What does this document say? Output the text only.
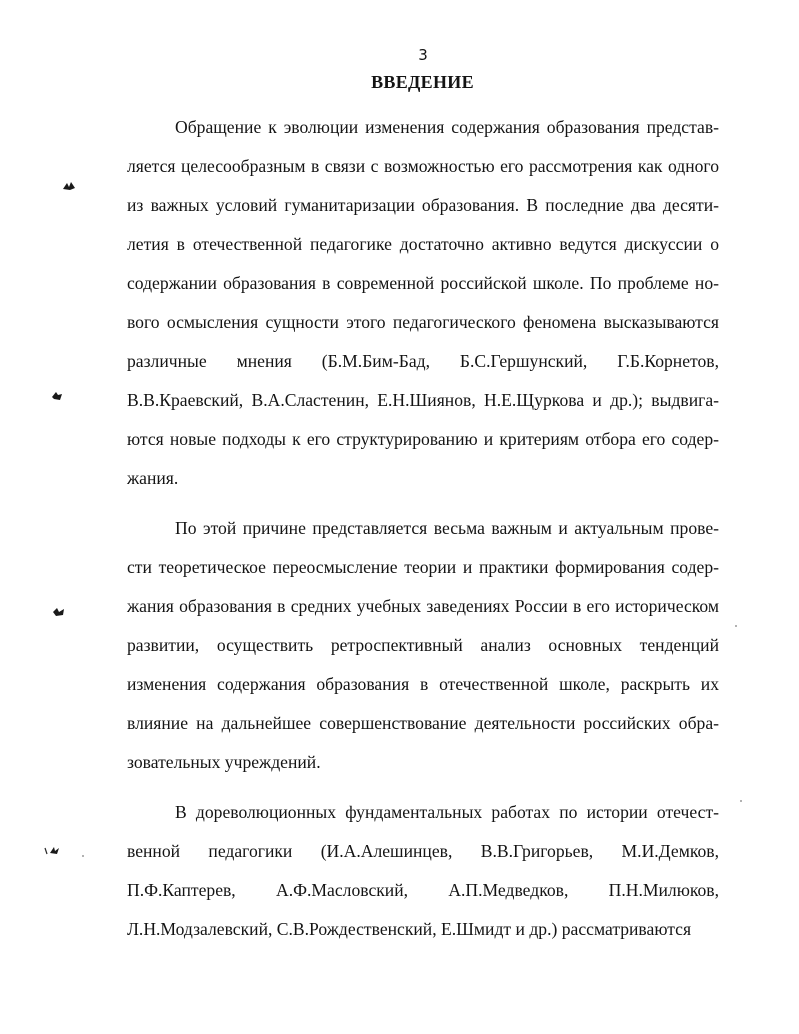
3
ВВЕДЕНИЕ

Обращение к эволюции изменения содержания образования представляется целесообразным в связи с возможностью его рассмотрения как одного из важных условий гуманитаризации образования. В последние два десятилетия в отечественной педагогике достаточно активно ведутся дискуссии о содержании образования в современной российской школе. По проблеме нового осмысления сущности этого педагогического феномена высказываются различные мнения (Б.М.Бим-Бад, Б.С.Гершунский, Г.Б.Корнетов, В.В.Краевский, В.А.Сластенин, Е.Н.Шиянов, Н.Е.Щуркова и др.); выдвигаются новые подходы к его структурированию и критериям отбора его содержания.

По этой причине представляется весьма важным и актуальным провести теоретическое переосмысление теории и практики формирования содержания образования в средних учебных заведениях России в его историческом развитии, осуществить ретроспективный анализ основных тенденций изменения содержания образования в отечественной школе, раскрыть их влияние на дальнейшее совершенствование деятельности российских образовательных учреждений.

В дореволюционных фундаментальных работах по истории отечественной педагогики (И.А.Алешинцев, В.В.Григорьев, М.И.Демков, П.Ф.Каптерев, А.Ф.Масловский, А.П.Медведков, П.Н.Милюков, Л.Н.Модзалевский, С.В.Рождественский, Е.Шмидт и др.) рассматриваются
